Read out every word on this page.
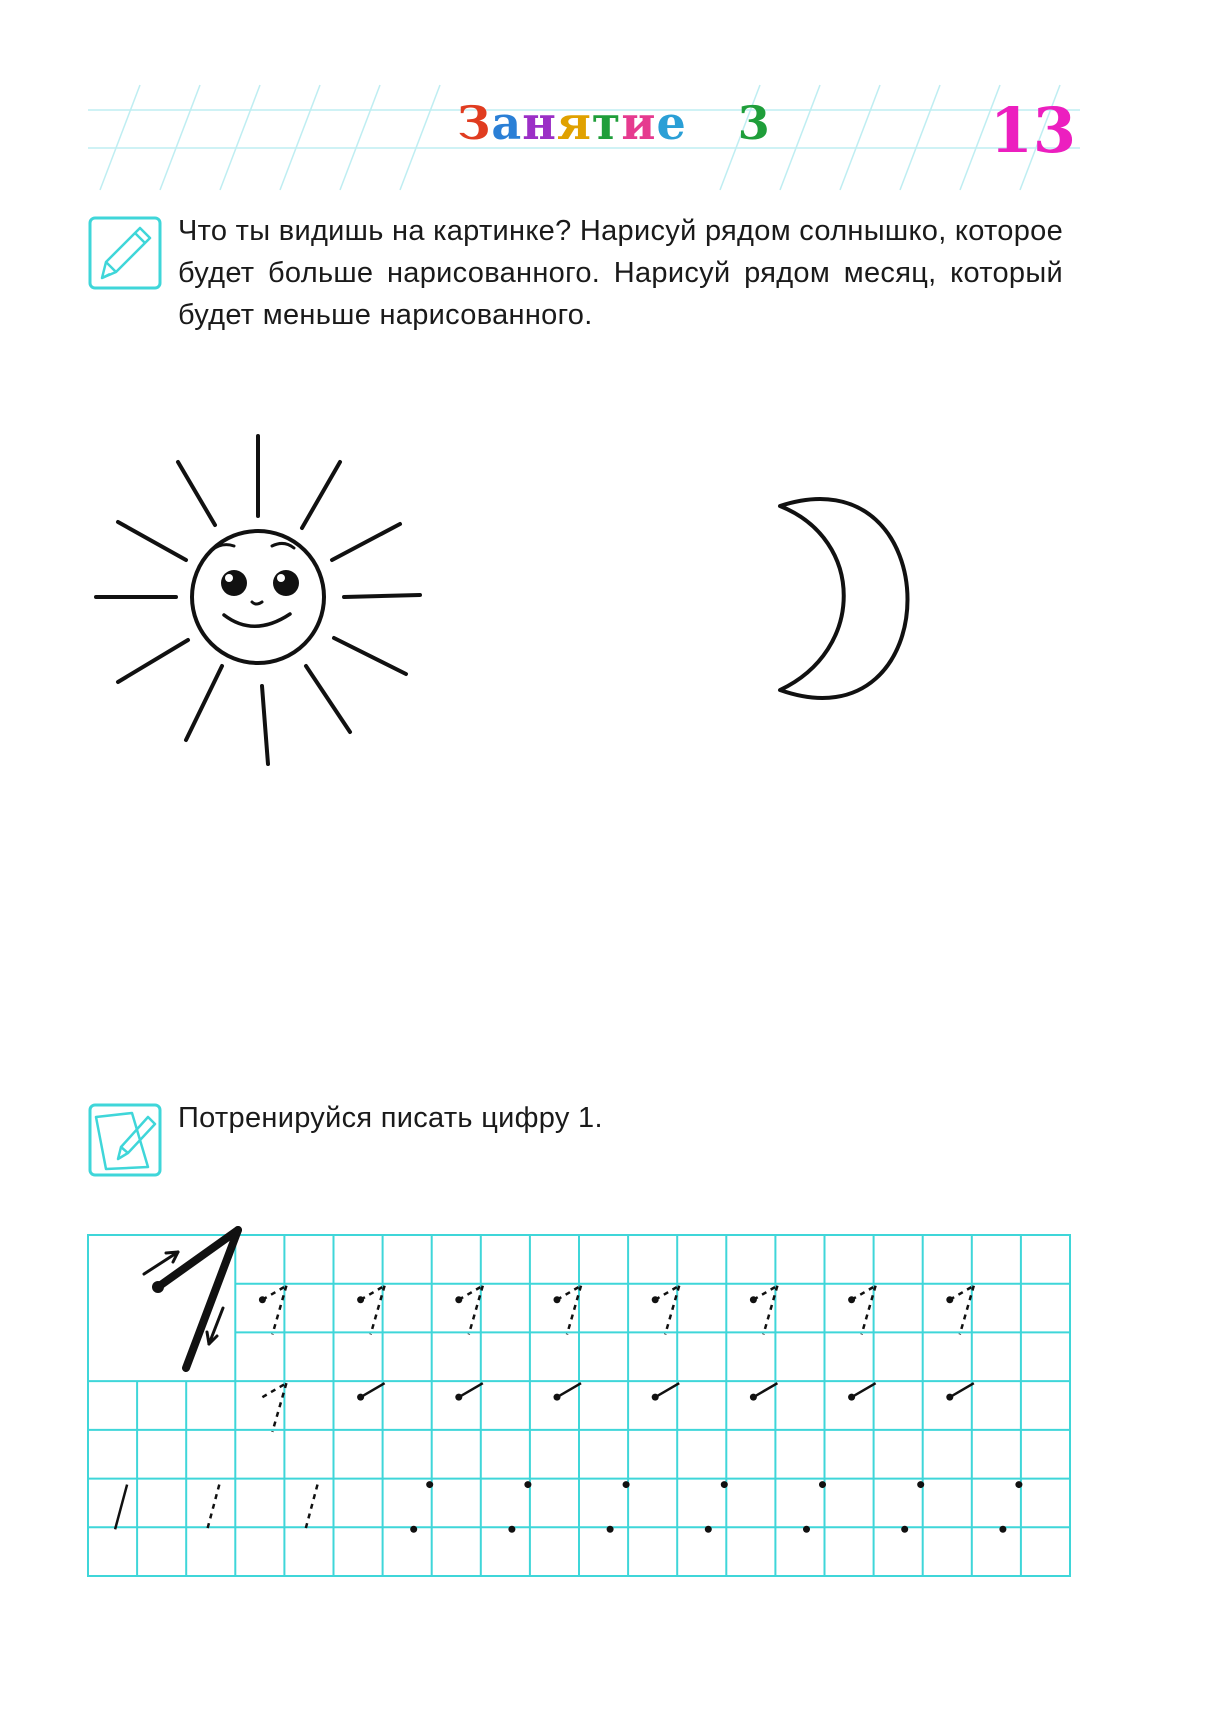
Занятие 3	13
Что ты видишь на картинке? Нарисуй рядом солнышко, которое будет больше нарисованного. Нарисуй рядом месяц, который будет меньше нарисованного.
Потренируйся писать цифру 1.
